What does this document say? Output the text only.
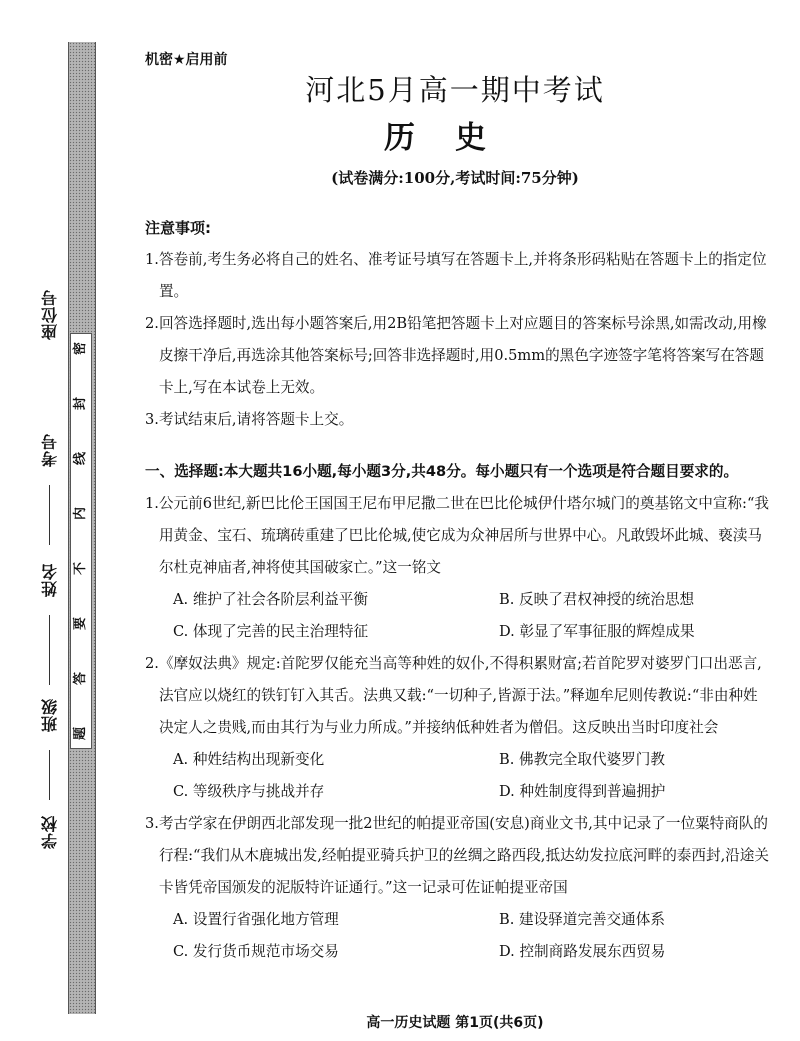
座位号
考号
姓名
班级
学校
密
封
线
内
不
要
答
题
机密★启用前
河北5月高一期中考试
历史
(试卷满分:100分,考试时间:75分钟)
注意事项:
1. 答卷前,考生务必将自己的姓名、准考证号填写在答题卡上,并将条形码粘贴在答题卡上的指定位置。
2. 回答选择题时,选出每小题答案后,用2B铅笔把答题卡上对应题目的答案标号涂黑,如需改动,用橡皮擦干净后,再选涂其他答案标号;回答非选择题时,用0.5mm的黑色字迹签字笔将答案写在答题卡上,写在本试卷上无效。
3. 考试结束后,请将答题卡上交。
一、选择题:本大题共16小题,每小题3分,共48分。每小题只有一个选项是符合题目要求的。
1. 公元前6世纪,新巴比伦王国国王尼布甲尼撒二世在巴比伦城伊什塔尔城门的奠基铭文中宣称:“我用黄金、宝石、琉璃砖重建了巴比伦城,使它成为众神居所与世界中心。凡敢毁坏此城、亵渎马尔杜克神庙者,神将使其国破家亡。”这一铭文
A. 维护了社会各阶层利益平衡	B. 反映了君权神授的统治思想
C. 体现了完善的民主治理特征	D. 彰显了军事征服的辉煌成果
2. 《摩奴法典》规定:首陀罗仅能充当高等种姓的奴仆,不得积累财富;若首陀罗对婆罗门口出恶言,法官应以烧红的铁钉钉入其舌。法典又载:“一切种子,皆源于法。”释迦牟尼则传教说:“非由种姓决定人之贵贱,而由其行为与业力所成。”并接纳低种姓者为僧侣。这反映出当时印度社会
A. 种姓结构出现新变化	B. 佛教完全取代婆罗门教
C. 等级秩序与挑战并存	D. 种姓制度得到普遍拥护
3. 考古学家在伊朗西北部发现一批2世纪的帕提亚帝国(安息)商业文书,其中记录了一位粟特商队的行程:“我们从木鹿城出发,经帕提亚骑兵护卫的丝绸之路西段,抵达幼发拉底河畔的泰西封,沿途关卡皆凭帝国颁发的泥版特许证通行。”这一记录可佐证帕提亚帝国
A. 设置行省强化地方管理	B. 建设驿道完善交通体系
C. 发行货币规范市场交易	D. 控制商路发展东西贸易
高一历史试题 第1页(共6页)
